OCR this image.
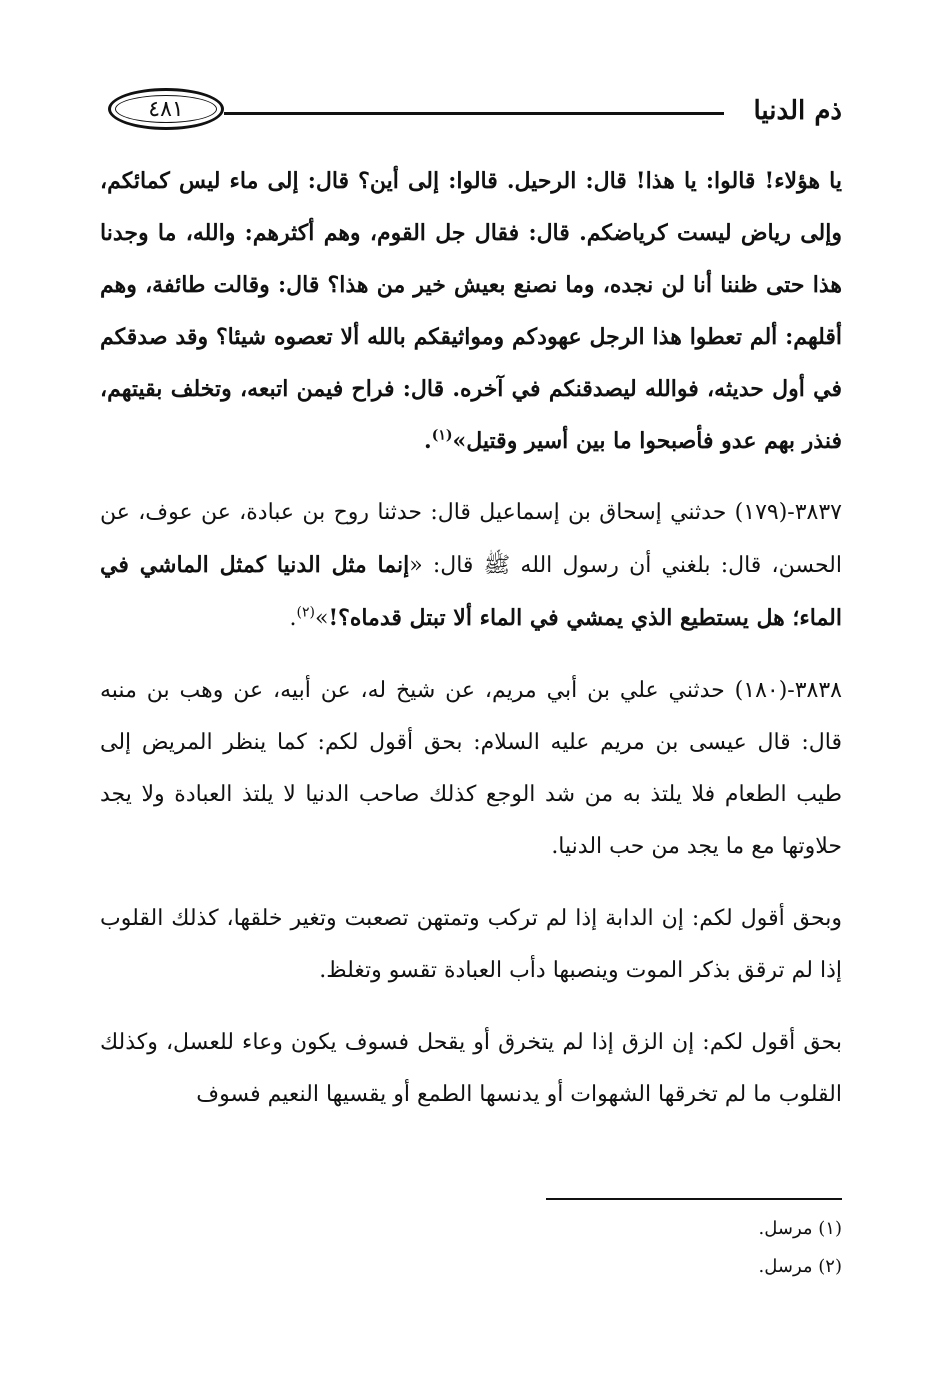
٤٨١	ذم الدنيا

يا هؤلاء! قالوا: يا هذا! قال: الرحيل. قالوا: إلى أين؟ قال: إلى ماء ليس كمائكم، وإلى رياض ليست كرياضكم. قال: فقال جل القوم، وهم أكثرهم: والله، ما وجدنا هذا حتى ظننا أنا لن نجده، وما نصنع بعيش خير من هذا؟ قال: وقالت طائفة، وهم أقلهم: ألم تعطوا هذا الرجل عهودكم ومواثيقكم بالله ألا تعصوه شيئا؟ وقد صدقكم في أول حديثه، فوالله ليصدقنكم في آخره. قال: فراح فيمن اتبعه، وتخلف بقيتهم، فنذر بهم عدو فأصبحوا ما بين أسير وقتيل»$^{(١)}$.

٣٨٣٧-(١٧٩) حدثني إسحاق بن إسماعيل قال: حدثنا روح بن عبادة، عن عوف، عن الحسن، قال: بلغني أن رسول الله ﷺ قال: «إنما مثل الدنيا كمثل الماشي في الماء؛ هل يستطيع الذي يمشي في الماء ألا تبتل قدماه؟!»$^{(٢)}$.

٣٨٣٨-(١٨٠) حدثني علي بن أبي مريم، عن شيخ له، عن أبيه، عن وهب بن منبه قال: قال عيسى بن مريم عليه السلام: بحق أقول لكم: كما ينظر المريض إلى طيب الطعام فلا يلتذ به من شد الوجع كذلك صاحب الدنيا لا يلتذ العبادة ولا يجد حلاوتها مع ما يجد من حب الدنيا.

وبحق أقول لكم: إن الدابة إذا لم تركب وتمتهن تصعبت وتغير خلقها، كذلك القلوب إذا لم ترقق بذكر الموت وينصبها دأب العبادة تقسو وتغلظ.

بحق أقول لكم: إن الزق إذا لم يتخرق أو يقحل فسوف يكون وعاء للعسل، وكذلك القلوب ما لم تخرقها الشهوات أو يدنسها الطمع أو يقسيها النعيم فسوف

(١) مرسل.
(٢) مرسل.
